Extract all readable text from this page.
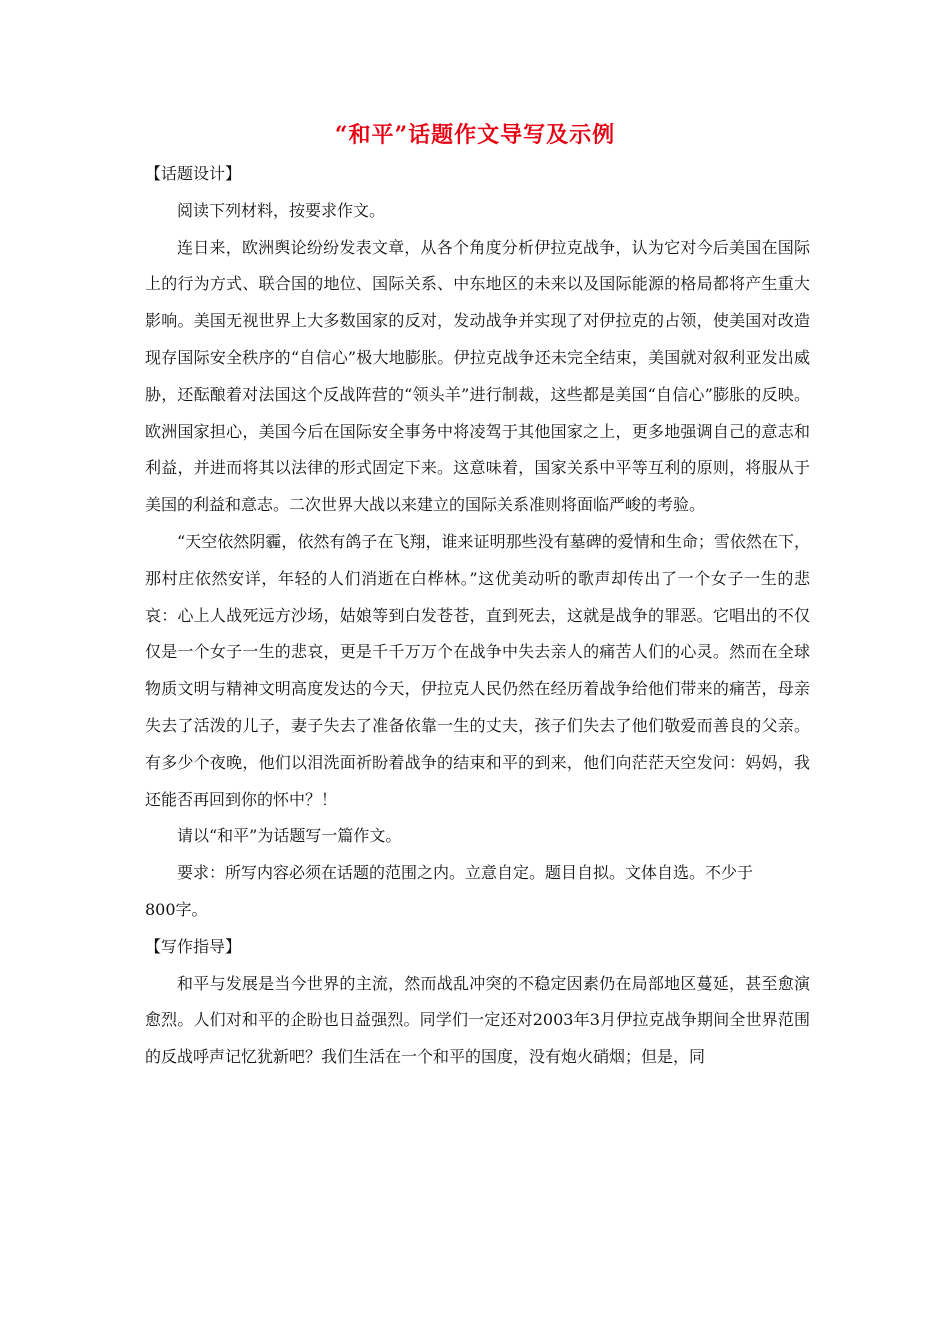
“和平”话题作文导写及示例

【话题设计】

阅读下列材料，按要求作文。

连日来，欧洲舆论纷纷发表文章，从各个角度分析伊拉克战争，认为它对今后美国在国际上的行为方式、联合国的地位、国际关系、中东地区的未来以及国际能源的格局都将产生重大影响。美国无视世界上大多数国家的反对，发动战争并实现了对伊拉克的占领，使美国对改造现存国际安全秩序的“自信心”极大地膨胀。伊拉克战争还未完全结束，美国就对叙利亚发出威胁，还酝酿着对法国这个反战阵营的“领头羊”进行制裁，这些都是美国“自信心”膨胀的反映。欧洲国家担心，美国今后在国际安全事务中将凌驾于其他国家之上，更多地强调自己的意志和利益，并进而将其以法律的形式固定下来。这意味着，国家关系中平等互利的原则，将服从于美国的利益和意志。二次世界大战以来建立的国际关系准则将面临严峻的考验。

“天空依然阴霾，依然有鸽子在飞翔，谁来证明那些没有墓碑的爱情和生命；雪依然在下，那村庄依然安详，年轻的人们消逝在白桦林。”这优美动听的歌声却传出了一个女子一生的悲哀：心上人战死远方沙场，姑娘等到白发苍苍，直到死去，这就是战争的罪恶。它唱出的不仅仅是一个女子一生的悲哀，更是千千万万个在战争中失去亲人的痛苦人们的心灵。然而在全球物质文明与精神文明高度发达的今天，伊拉克人民仍然在经历着战争给他们带来的痛苦，母亲失去了活泼的儿子，妻子失去了准备依靠一生的丈夫，孩子们失去了他们敬爱而善良的父亲。有多少个夜晚，他们以泪洗面祈盼着战争的结束和平的到来，他们向茫茫天空发问：妈妈，我还能否再回到你的怀中？！

请以“和平”为话题写一篇作文。

要求：所写内容必须在话题的范围之内。立意自定。题目自拟。文体自选。不少于

800字。

【写作指导】

和平与发展是当今世界的主流，然而战乱冲突的不稳定因素仍在局部地区蔓延，甚至愈演愈烈。人们对和平的企盼也日益强烈。同学们一定还对2003年3月伊拉克战争期间全世界范围的反战呼声记忆犹新吧？我们生活在一个和平的国度，没有炮火硝烟；但是，同
